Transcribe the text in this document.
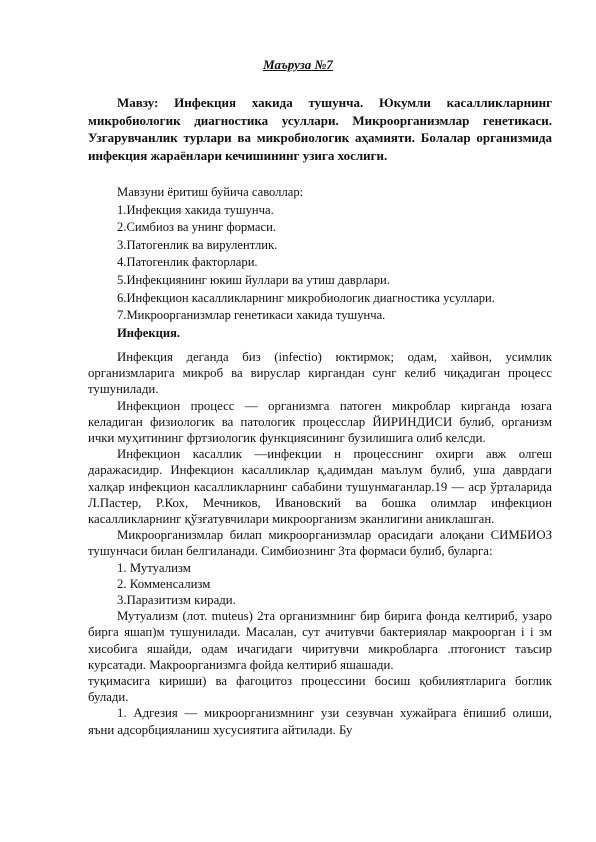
Маъруза №7
Мавзу: Инфекция хакида тушунча. Юкумли касалликларнинг микробиологик диагностика усуллари. Микроорганизмлар генетикаси. Узгарувчанлик турлари ва микробиологик аҳамияти. Болалар организмида инфекция жараёнлари кечишининг узига хослиги.
Мавзуни ёритиш буйича саволлар:
1.Инфекция хакида тушунча.
2.Симбиоз ва унинг формаси.
3.Патогенлик ва вирулентлик.
4.Патогенлик факторлари.
5.Инфекциянинг юкиш йуллари ва утиш даврлари.
6.Инфекцион касалликларнинг микробиологик диагностика усуллари.
7.Микроорганизмлар генетикаси хакида тушунча.
Инфекция.

Инфекция деганда биз (infectio) юктирмок; одам, хайвон, усимлик организмларига микроб ва вируслар киргандан сунг келиб чиқадиган процесс тушунилади.

Инфекцион процесс — организмга патоген микроблар кирганда юзага келадиган физиологик ва патологик процесслар ЙИРИНДИСИ булиб, организм ички муҳитининг фртзиологик функциясининг бузилишига олиб келсди.

Инфекцион касаллик —инфекции н процесснинг охирги авж олгеш даражасидир. Инфекцион касалликлар қ,адимдан маълум булиб, уша даврдаги халқар инфекцион касалликларнинг сабабини тушунмаганлар.19 — аср ўрталарида Л.Пастер, Р.Кох, Мечников, Ивановский ва бошка олимлар инфекцион касалликларнинг қўзғатувчилари микроорганизм эканлигини аниклашган.

Микроорганизмлар билап микроорганизмлар орасидаги алоқани СИМБИОЗ тушунчаси билан белгиланади. Симбиознинг 3та формаси булиб, буларга:

1. Мутуализм
2. Комменсализм
3.Паразитизм киради.

Мутуализм (лот. muteus) 2та организмнинг бир бирига фонда келтириб, узаро бирга яшап)м тушунилади. Масалан, сут ачитувчи бактериялар макроорган і і зм хисобига яшайди, одам ичагидаги чиритувчи микробларга .птогонист таъсир курсатади. Макроорганизмга фойда келтириб яшашади.

туқимасига кириши) ва фагоцитоз процессини босиш қобилиятларига боглик булади.

1. Адгезия — микроорганизмнинг узи сезувчан хужайрага ёпишиб олиши, яъни адсорбцияланиш хусусиятига айтилади. Бу
